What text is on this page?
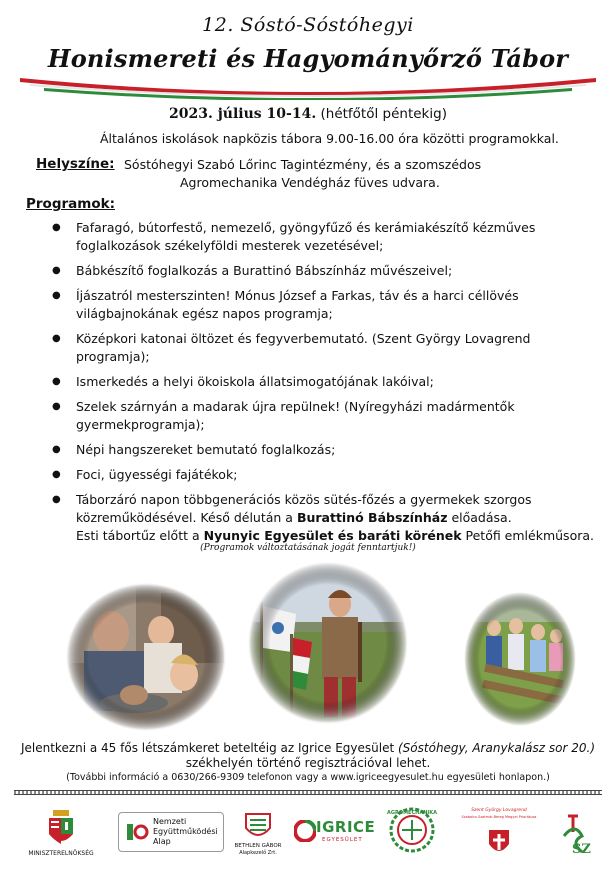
12. Sóstó-Sóstóhegyi
Honismereti és Hagyományőrző Tábor
2023. július 10-14. (hétfőtől péntekig)
Általános iskolások napközis tábora 9.00-16.00 óra közötti programokkal.
Helyszíne: Sóstóhegyi Szabó Lőrinc Tagintézmény, és a szomszédos
Agromechanika Vendégház füves udvara.
Programok:
● Fafaragó, bútorfestő, nemezelő, gyöngyfűző és kerámiakészítő kézműves
foglalkozások székelyföldi mesterek vezetésével;
● Bábkészítő foglalkozás a Burattinó Bábszínház művészeivel;
● Íjászatról mesterszinten! Mónus József a Farkas, táv és a harci céllövés
világbajnokának egész napos programja;
● Középkori katonai öltözet és fegyverbemutató. (Szent György Lovagrend
programja);
● Ismerkedés a helyi ökoiskola állatsimogatójának lakóival;
● Szelek szárnyán a madarak újra repülnek! (Nyíregyházi madármentők
gyermekprogramja);
● Népi hangszereket bemutató foglalkozás;
● Foci, ügyességi fajátékok;
● Táborzáró napon többgenerációs közös sütés-főzés a gyermekek szorgos
közreműködésével. Késő délután a Burattinó Bábszínház előadása.
Esti tábortűz előtt a Nyunyic Egyesület és baráti körének Petőfi emlékműsora.
(Programok változtatásának jogát fenntartjuk!)
Jelentkezni a 45 fős létszámkeret beteltéig az Igrice Egyesület (Sóstóhegy, Aranykalász sor 20.)
székhelyén történő regisztrációval lehet.
(További információ a 0630/266-9309 telefonon vagy a www.igriceegyesulet.hu egyesületi honlapon.)
MINISZTERELNÖKSÉG
Nemzeti
Együttműködési
Alap	BETHLEN GÁBOR
Alapkezelő Zrt.
IGRICE
EGYESÜLET
AGROMECHANIKA	Szent György Lovagrend
Szabolcs-Szatmár-Bereg Megyei Priorátusa
SZ
